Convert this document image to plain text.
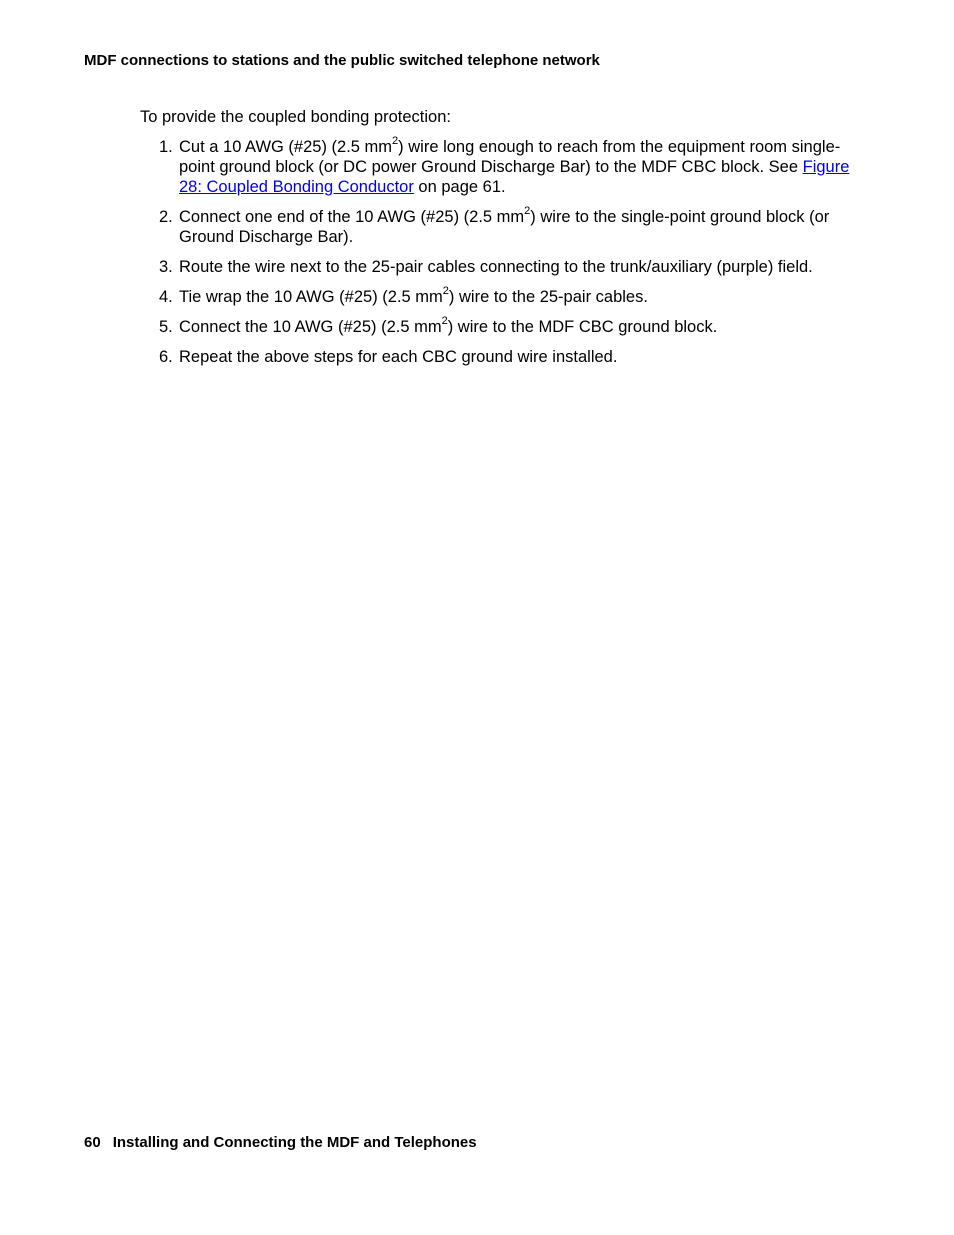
MDF connections to stations and the public switched telephone network

To provide the coupled bonding protection:

1. Cut a 10 AWG (#25) (2.5 $mm^2$) wire long enough to reach from the equipment room single-point ground block (or DC power Ground Discharge Bar) to the MDF CBC block. See Figure 28: Coupled Bonding Conductor on page 61.
2. Connect one end of the 10 AWG (#25) (2.5 $mm^2$) wire to the single-point ground block (or Ground Discharge Bar).
3. Route the wire next to the 25-pair cables connecting to the trunk/auxiliary (purple) field.
4. Tie wrap the 10 AWG (#25) (2.5 $mm^2$) wire to the 25-pair cables.
5. Connect the 10 AWG (#25) (2.5 $mm^2$) wire to the MDF CBC ground block.
6. Repeat the above steps for each CBC ground wire installed.
60 Installing and Connecting the MDF and Telephones
